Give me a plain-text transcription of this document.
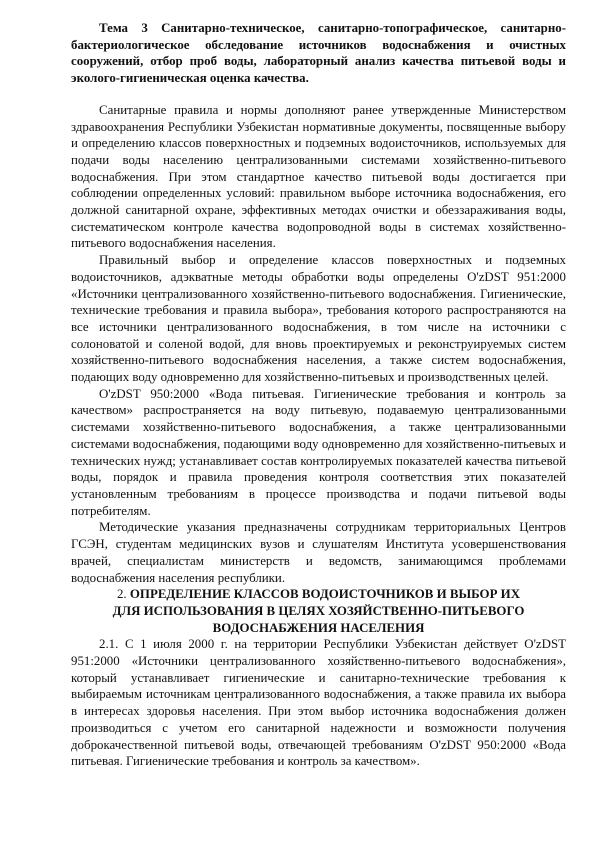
Тема 3 Санитарно-техническое, санитарно-топографическое, санитарно-бактериологическое обследование источников водоснабжения и очистных сооружений, отбор проб воды, лабораторный анализ качества питьевой воды и эколого-гигиеническая оценка качества.

Санитарные правила и нормы дополняют ранее утвержденные Министерством здравоохранения Республики Узбекистан нормативные документы, посвященные выбору и определению классов поверхностных и подземных водоисточников, используемых для подачи воды населению централизованными системами хозяйственно-питьевого водоснабжения. При этом стандартное качество питьевой воды достигается при соблюдении определенных условий: правильном выборе источника водоснабжения, его должной санитарной охране, эффективных методах очистки и обеззараживания воды, систематическом контроле качества водопроводной воды в системах хозяйственно-питьевого водоснабжения населения.

Правильный выбор и определение классов поверхностных и подземных водоисточников, адэкватные методы обработки воды определены O'zDST 951:2000 «Источники централизованного хозяйственно-питьевого водоснабжения. Гигиенические, технические требования и правила выбора», требования которого распространяются на все источники централизованного водоснабжения, в том числе на источники с солоноватой и соленой водой, для вновь проектируемых и реконструируемых систем хозяйственно-питьевого водоснабжения населения, а также систем водоснабжения, подающих воду одновременно для хозяйственно-питьевых и производственных целей.

O'zDST 950:2000 «Вода питьевая. Гигиенические требования и контроль за качеством» распространяется на воду питьевую, подаваемую централизованными системами хозяйственно-питьевого водоснабжения, а также централизованными системами водоснабжения, подающими воду одновременно для хозяйственно-питьевых и технических нужд; устанавливает состав контролируемых показателей качества питьевой воды, порядок и правила проведения контроля соответствия этих показателей установленным требованиям в процессе производства и подачи питьевой воды потребителям.

Методические указания предназначены сотрудникам территориальных Центров ГСЭН, студентам медицинских вузов и слушателям Института усовершенствования врачей, специалистам министерств и ведомств, занимающимся проблемами водоснабжения населения республики.

2. ОПРЕДЕЛЕНИЕ КЛАССОВ ВОДОИСТОЧНИКОВ И ВЫБОР ИХ
ДЛЯ ИСПОЛЬЗОВАНИЯ В ЦЕЛЯХ ХОЗЯЙСТВЕННО-ПИТЬЕВОГО
ВОДОСНАБЖЕНИЯ НАСЕЛЕНИЯ

2.1. С 1 июля 2000 г. на территории Республики Узбекистан действует O'zDST 951:2000 «Источники централизованного хозяйственно-питьевого водоснабжения», который устанавливает гигиенические и санитарно-технические требования к выбираемым источникам централизованного водоснабжения, а также правила их выбора в интересах здоровья населения. При этом выбор источника водоснабжения должен производиться с учетом его санитарной надежности и возможности получения доброкачественной питьевой воды, отвечающей требованиям O'zDST 950:2000 «Вода питьевая. Гигиенические требования и контроль за качеством».
